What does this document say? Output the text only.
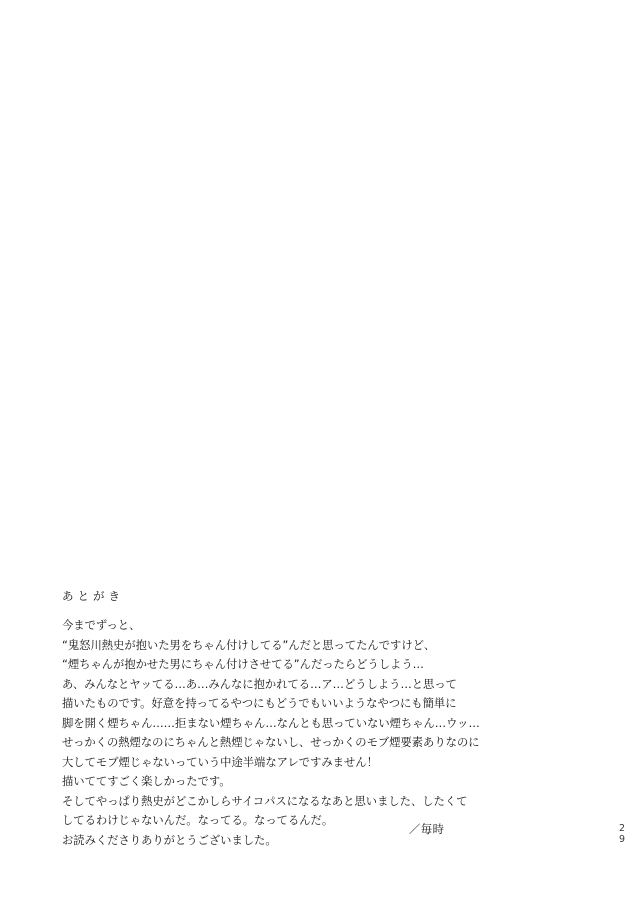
あとがき
今までずっと、
“鬼怒川熱史が抱いた男をちゃん付けしてる”んだと思ってたんですけど、
“煙ちゃんが抱かせた男にちゃん付けさせてる”んだったらどうしよう…
あ、みんなとヤッてる…あ…みんなに抱かれてる…ア…どうしよう…と思って
描いたものです。好意を持ってるやつにもどうでもいいようなやつにも簡単に
脚を開く煙ちゃん……拒まない煙ちゃん…なんとも思っていない煙ちゃん…ウッ…
せっかくの熱煙なのにちゃんと熱煙じゃないし、せっかくのモブ煙要素ありなのに
大してモブ煙じゃないっていう中途半端なアレですみません！
描いててすごく楽しかったです。
そしてやっぱり熱史がどこかしらサイコパスになるなあと思いました、したくて
してるわけじゃないんだ。なってる。なってるんだ。
お読みくださりありがとうございました。
／毎時	2
9
